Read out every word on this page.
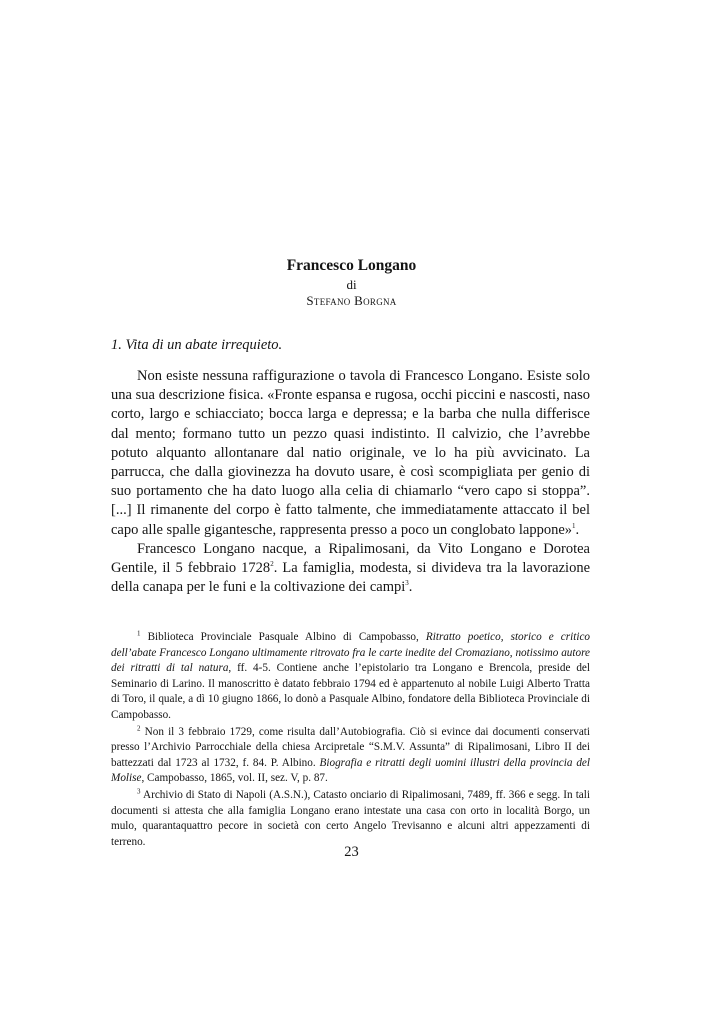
Francesco Longano
di
Stefano Borgna
1. Vita di un abate irrequieto.

Non esiste nessuna raffigurazione o tavola di Francesco Longano. Esiste solo una sua descrizione fisica. «Fronte espansa e rugosa, occhi piccini e nascosti, naso corto, largo e schiacciato; bocca larga e depressa; e la barba che nulla differisce dal mento; formano tutto un pezzo quasi indistinto. Il calvizio, che l’avrebbe potuto alquanto allontanare dal natio originale, ve lo ha più avvicinato. La parrucca, che dalla giovinezza ha dovuto usare, è così scompigliata per genio di suo portamento che ha dato luogo alla celia di chiamarlo “vero capo si stoppa”. [...] Il rimanente del corpo è fatto talmente, che immediatamente attaccato il bel capo alle spalle gigantesche, rappresenta presso a poco un conglobato lappone»$^1$.

Francesco Longano nacque, a Ripalimosani, da Vito Longano e Dorotea Gentile, il 5 febbraio 1728$^2$. La famiglia, modesta, si divideva tra la lavorazione della canapa per le funi e la coltivazione dei campi$^3$.

$^1$ Biblioteca Provinciale Pasquale Albino di Campobasso, Ritratto poetico, storico e critico dell’abate Francesco Longano ultimamente ritrovato fra le carte inedite del Cromaziano, notissimo autore dei ritratti di tal natura, ff. 4-5. Contiene anche l’epistolario tra Longano e Brencola, preside del Seminario di Larino. Il manoscritto è datato febbraio 1794 ed è appartenuto al nobile Luigi Alberto Tratta di Toro, il quale, a dì 10 giugno 1866, lo donò a Pasquale Albino, fondatore della Biblioteca Provinciale di Campobasso.

$^2$ Non il 3 febbraio 1729, come risulta dall’Autobiografia. Ciò si evince dai documenti conservati presso l’Archivio Parrocchiale della chiesa Arcipretale “S.M.V. Assunta” di Ripalimosani, Libro II dei battezzati dal 1723 al 1732, f. 84. P. Albino. Biografia e ritratti degli uomini illustri della provincia del Molise, Campobasso, 1865, vol. II, sez. V, p. 87.

$^3$ Archivio di Stato di Napoli (A.S.N.), Catasto onciario di Ripalimosani, 7489, ff. 366 e segg. In tali documenti si attesta che alla famiglia Longano erano intestate una casa con orto in località Borgo, un mulo, quarantaquattro pecore in società con certo Angelo Trevisanno e alcuni altri appezzamenti di terreno.

23
